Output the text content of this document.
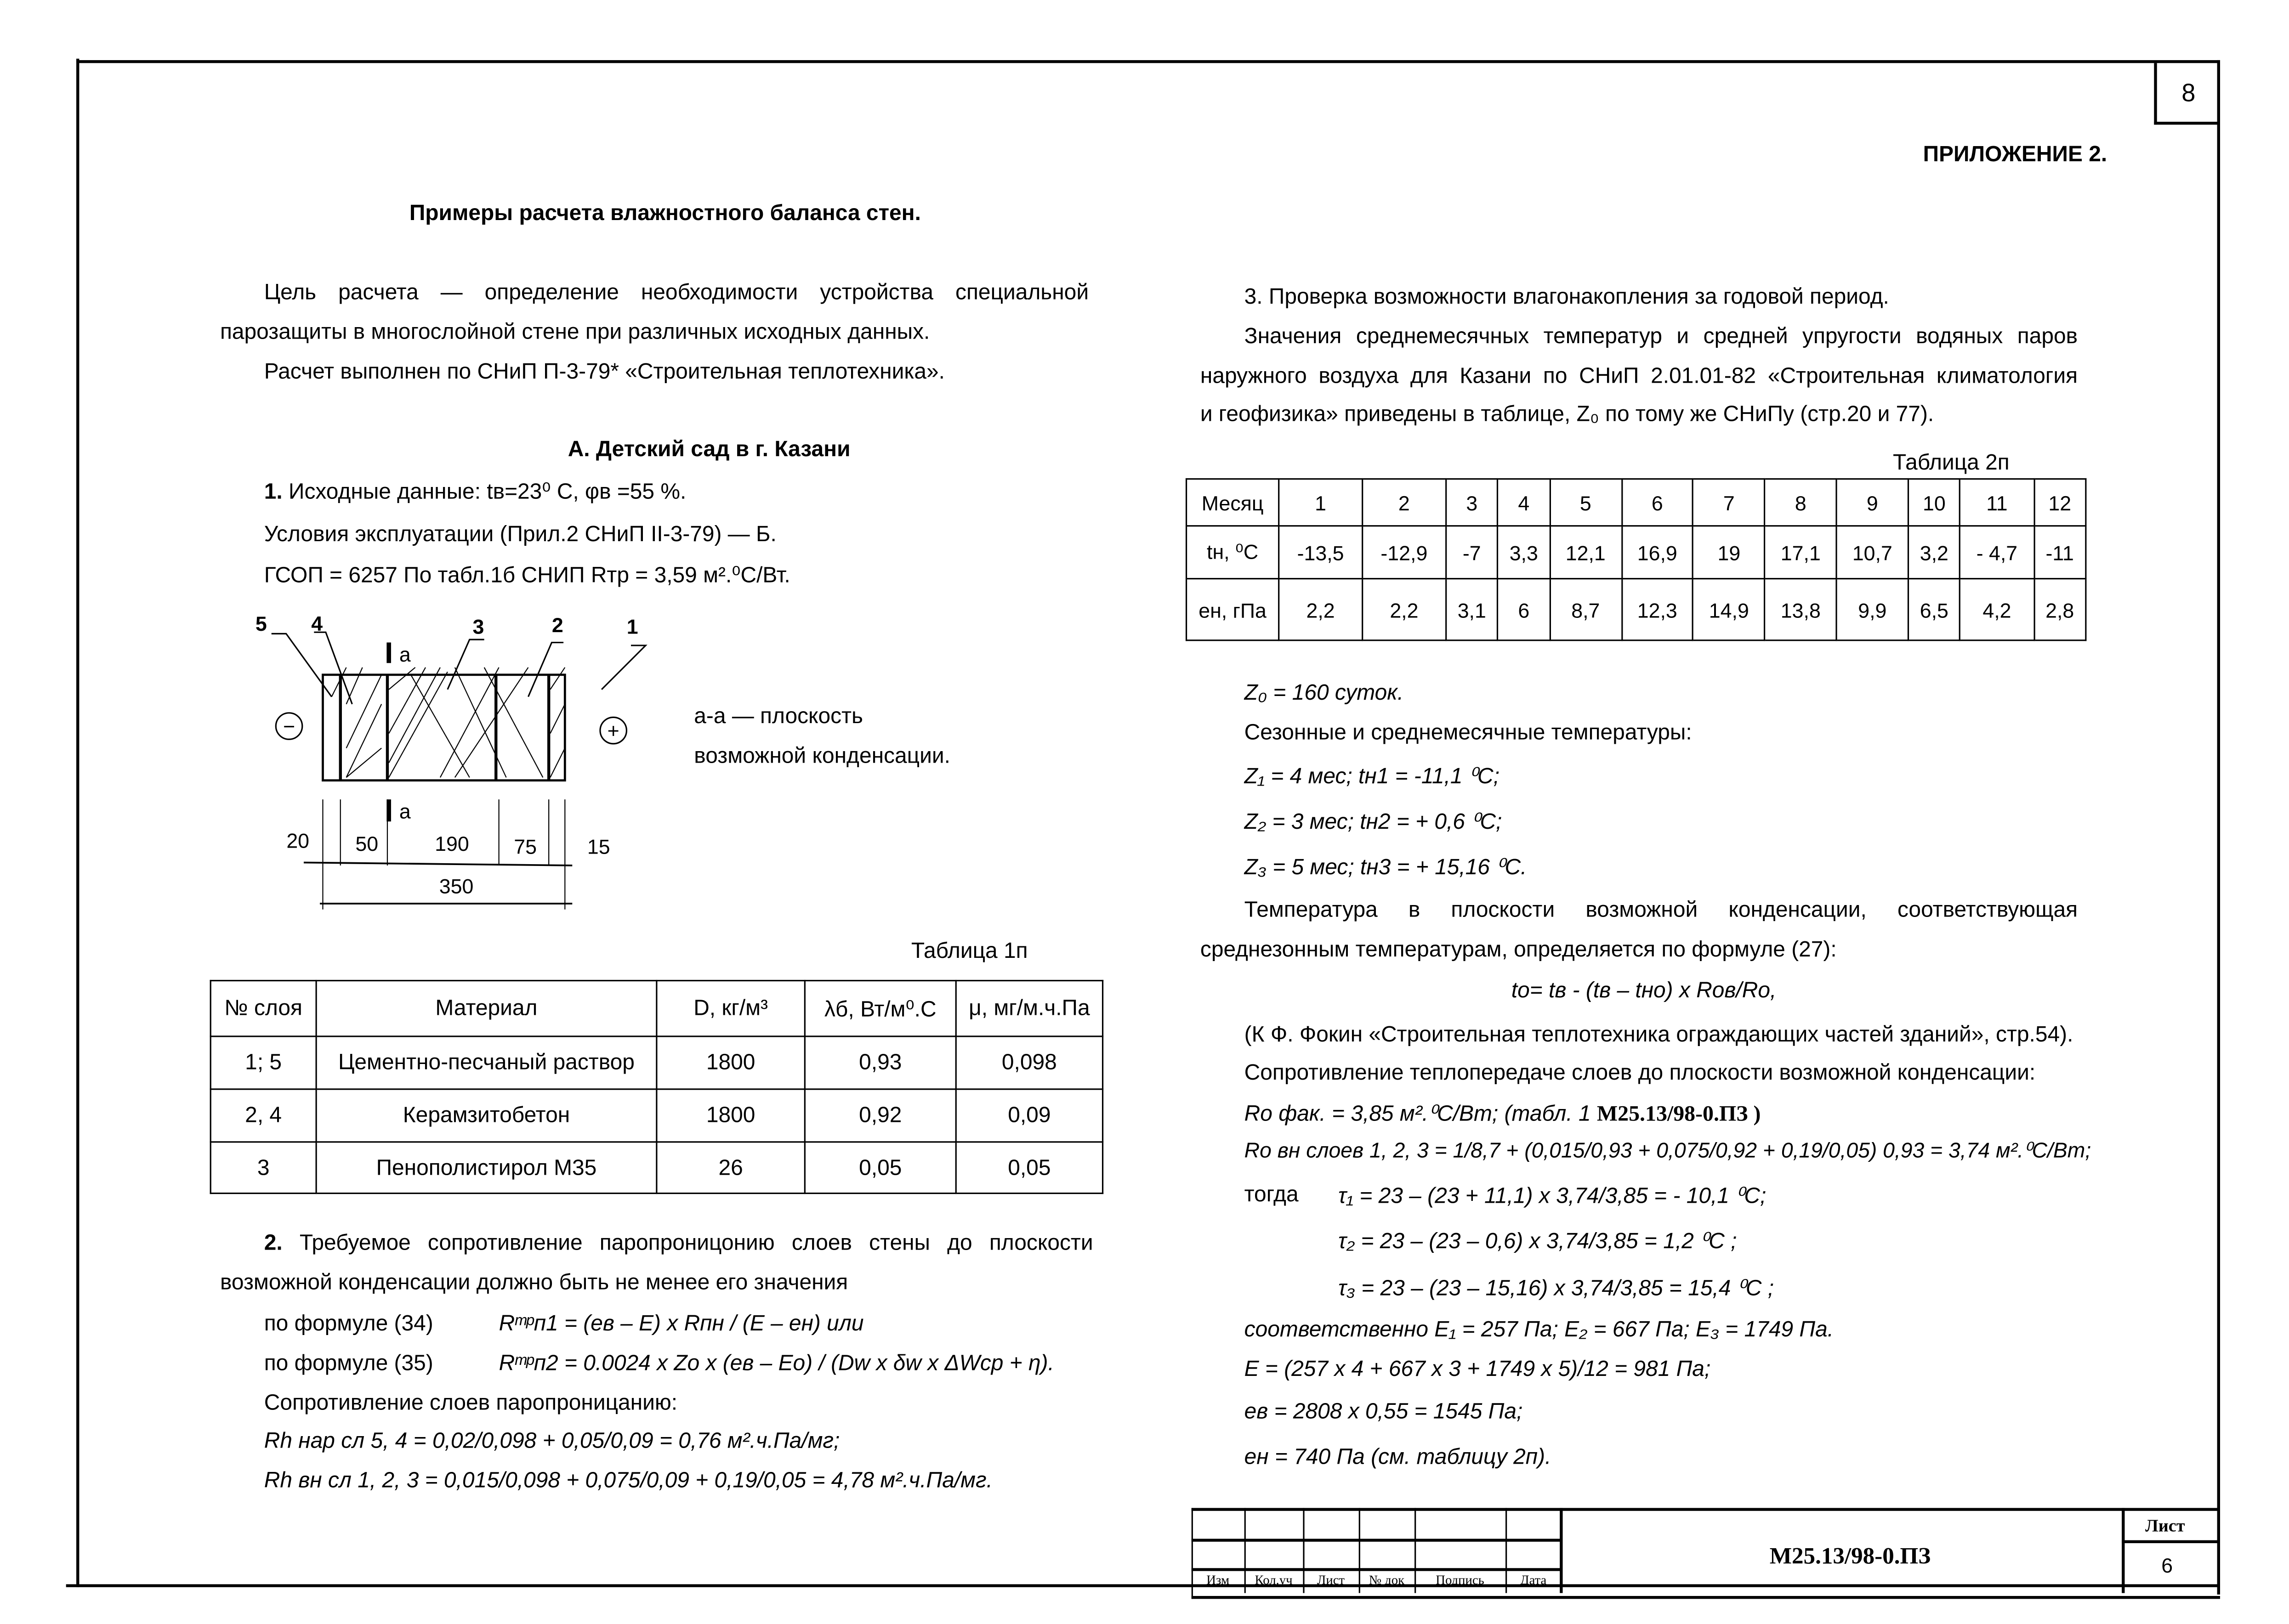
8
ПРИЛОЖЕНИЕ 2.
Примеры расчета влажностного баланса стен.
Цель	расчета	—	определение	необходимости	устройства	специальной
парозащиты в многослойной стене при различных исходных данных.
Расчет выполнен по СНиП П-3-79* «Строительная теплотехника».
А. Детский сад в г. Казани
1. Исходные данные: tв=23⁰ С, φв =55 %.
Условия эксплуатации (Прил.2 СНиП II-3-79) — Б.
ГСОП = 6257 По табл.1б СНИП Rтр = 3,59 м².⁰С/Вт.
5	4	3	2	1
а
а
−	+
20	50	190	75	15
350
а-а — плоскость
возможной конденсации.
Таблица 1п
№ слоя	Материал	D, кг/м³	λб, Вт/м⁰.С	μ, мг/м.ч.Па
1; 5	Цементно-песчаный раствор	1800	0,93	0,098
2, 4	Керамзитобетон	1800	0,92	0,09
3	Пенополистирол М35	26	0,05	0,05
2. Требуемое сопротивление паропроницонию слоев стены до плоскости
возможной конденсации должно быть не менее его значения
по формуле (34)	Rᵐᵖп1 = (eв – E) x Rпн / (E – eн) или
по формуле (35)	Rᵐᵖп2 = 0.0024 x Zo x (eв – Eo) / (Dw x δw x ΔWср + η).
Сопротивление слоев паропроницанию:
Rh нар сл 5, 4 = 0,02/0,098 + 0,05/0,09 = 0,76 м².ч.Па/мг;
Rh вн сл 1, 2, 3 = 0,015/0,098 + 0,075/0,09 + 0,19/0,05 = 4,78 м².ч.Па/мг.
3. Проверка возможности влагонакопления за годовой период.
Значения среднемесячных температур и средней упругости водяных паров
наружного воздуха для Казани по СНиП 2.01.01-82 «Строительная климатология
и геофизика» приведены в таблице, Z₀ по тому же СНиПу (стр.20 и 77).
Таблица 2п
Месяц	1	2	3	4	5	6	7	8	9	10	11	12
tн, ⁰С	-13,5	-12,9	-7	3,3	12,1	16,9	19	17,1	10,7	3,2	- 4,7	-11
eн, гПа	2,2	2,2	3,1	6	8,7	12,3	14,9	13,8	9,9	6,5	4,2	2,8
Z₀ = 160 суток.
Сезонные и среднемесячные температуры:
Z₁ = 4 мес; tн1 = -11,1 ⁰С;
Z₂ = 3 мес; tн2 = + 0,6 ⁰С;
Z₃ = 5 мес; tн3 = + 15,16 ⁰С.
Температура	в	плоскости	возможной	конденсации,	соответствующая
среднезонным температурам, определяется по формуле (27):
tо= tв - (tв – tно) x Rов/Rо,
(К Ф. Фокин «Строительная теплотехника ограждающих частей зданий», стр.54).
Сопротивление теплопередаче слоев до плоскости возможной конденсации:
Rо фак. = 3,85 м².⁰С/Вт; (табл. 1 М25.13/98-0.ПЗ )
Rо вн слоев 1, 2, 3 = 1/8,7 + (0,015/0,93 + 0,075/0,92 + 0,19/0,05) 0,93 = 3,74 м².⁰С/Вт;
тогда	τ₁ = 23 – (23 + 11,1) x 3,74/3,85 = - 10,1 ⁰С;
τ₂ = 23 – (23 – 0,6) x 3,74/3,85 = 1,2 ⁰С ;
τ₃ = 23 – (23 – 15,16) x 3,74/3,85 = 15,4 ⁰С ;
соответственно E₁ = 257 Па; E₂ = 667 Па; E₃ = 1749 Па.
E = (257 x 4 + 667 x 3 + 1749 x 5)/12 = 981 Па;
eв = 2808 x 0,55 = 1545 Па;
eн = 740 Па (см. таблицу 2п).
Изм	Кол.уч	Лист	№ док	Подпись	Дата
М25.13/98-0.ПЗ
Лист
6
